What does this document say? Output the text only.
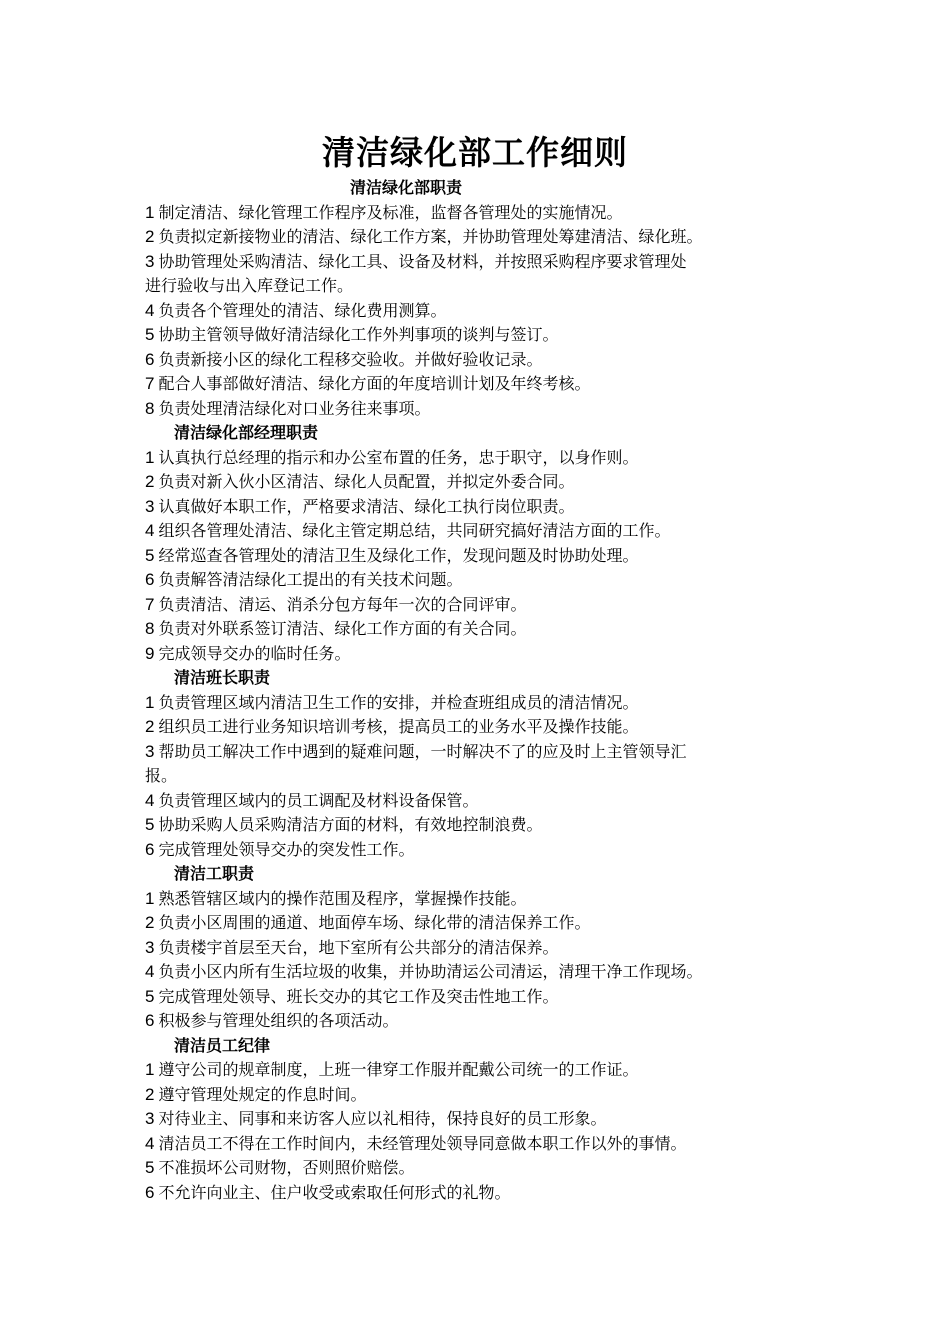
清洁绿化部工作细则
清洁绿化部职责
1 制定清洁、绿化管理工作程序及标准，监督各管理处的实施情况。
2 负责拟定新接物业的清洁、绿化工作方案，并协助管理处筹建清洁、绿化班。
3 协助管理处采购清洁、绿化工具、设备及材料，并按照采购程序要求管理处
进行验收与出入库登记工作。
4 负责各个管理处的清洁、绿化费用测算。
5 协助主管领导做好清洁绿化工作外判事项的谈判与签订。
6 负责新接小区的绿化工程移交验收。并做好验收记录。
7 配合人事部做好清洁、绿化方面的年度培训计划及年终考核。
8 负责处理清洁绿化对口业务往来事项。
清洁绿化部经理职责
1 认真执行总经理的指示和办公室布置的任务，忠于职守，以身作则。
2 负责对新入伙小区清洁、绿化人员配置，并拟定外委合同。
3 认真做好本职工作，严格要求清洁、绿化工执行岗位职责。
4 组织各管理处清洁、绿化主管定期总结，共同研究搞好清洁方面的工作。
5 经常巡查各管理处的清洁卫生及绿化工作，发现问题及时协助处理。
6 负责解答清洁绿化工提出的有关技术问题。
7 负责清洁、清运、消杀分包方每年一次的合同评审。
8 负责对外联系签订清洁、绿化工作方面的有关合同。
9 完成领导交办的临时任务。
清洁班长职责
1 负责管理区域内清洁卫生工作的安排，并检查班组成员的清洁情况。
2 组织员工进行业务知识培训考核，提高员工的业务水平及操作技能。
3 帮助员工解决工作中遇到的疑难问题，一时解决不了的应及时上主管领导汇
报。
4 负责管理区域内的员工调配及材料设备保管。
5 协助采购人员采购清洁方面的材料，有效地控制浪费。
6 完成管理处领导交办的突发性工作。
清洁工职责
1 熟悉管辖区域内的操作范围及程序，掌握操作技能。
2 负责小区周围的通道、地面停车场、绿化带的清洁保养工作。
3 负责楼宇首层至天台，地下室所有公共部分的清洁保养。
4 负责小区内所有生活垃圾的收集，并协助清运公司清运，清理干净工作现场。
5 完成管理处领导、班长交办的其它工作及突击性地工作。
6 积极参与管理处组织的各项活动。
清洁员工纪律
1 遵守公司的规章制度，上班一律穿工作服并配戴公司统一的工作证。
2 遵守管理处规定的作息时间。
3 对待业主、同事和来访客人应以礼相待，保持良好的员工形象。
4 清洁员工不得在工作时间内，未经管理处领导同意做本职工作以外的事情。
5 不准损坏公司财物，否则照价赔偿。
6 不允许向业主、住户收受或索取任何形式的礼物。
